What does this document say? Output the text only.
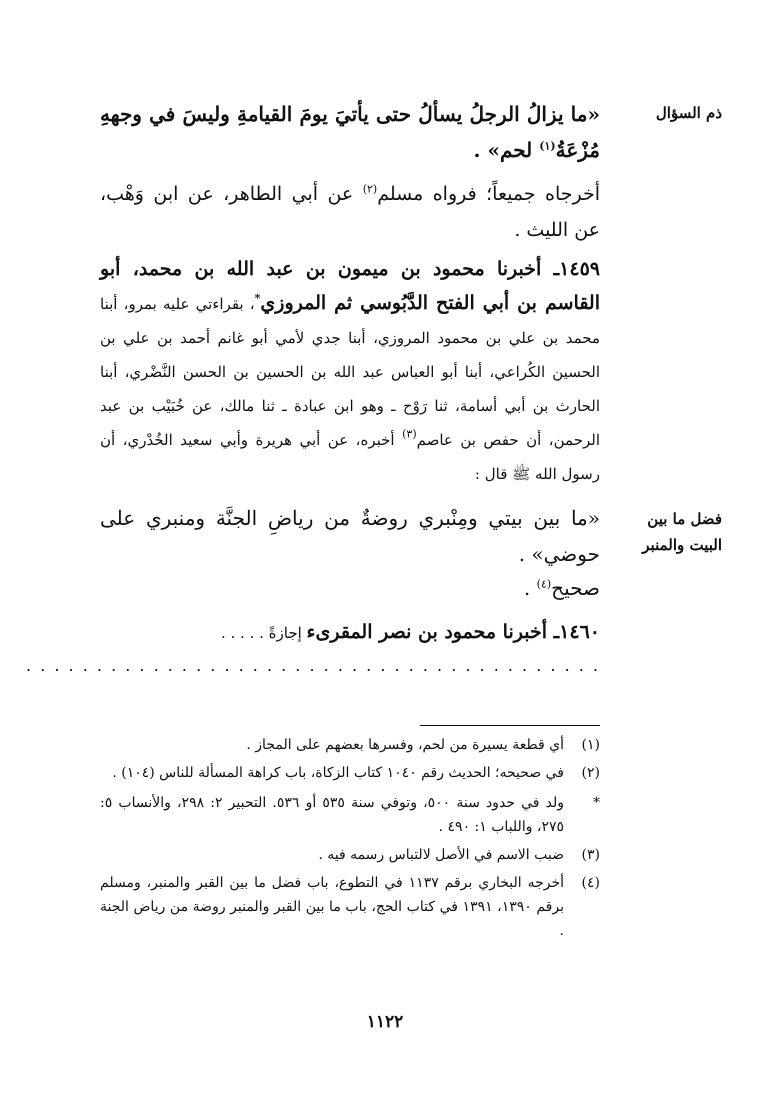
ذم السؤال
فضل ما بين البيت والمنبر

«ما يزالُ الرجلُ يسألُ حتى يأتيَ يومَ القيامةِ وليسَ في وجههِ مُزْعَةُ$^{(١)}$ لحم» .

أخرجاه جميعاً؛ فرواه مسلم$^{(٢)}$ عن أبي الطاهر، عن ابن وَهْب، عن الليث .

١٤٥٩ـ أخبرنا محمود بن ميمون بن عبد الله بن محمد، أبو القاسم بن أبي الفتح الدَّبُوسي ثم المروزي*، بقراءتي عليه بمرو، أبنا محمد بن علي بن محمود المروزي، أبنا جدي لأمي أبو غانم أحمد بن علي بن الحسين الكُراعي، أبنا أبو العباس عبد الله بن الحسين بن الحسن النَّضْري، أبنا الحارث بن أبي أسامة، ثنا رَوْح ـ وهو ابن عبادة ـ ثنا مالك، عن خُبَيْب بن عبد الرحمن، أن حفص بن عاصم$^{(٣)}$ أخبره، عن أبي هريرة وأبي سعيد الخُدْري، أن رسول الله ﷺ قال :

«ما بين بيتي ومِنْبري روضةٌ من رياضِ الجنَّة ومنبري على حوضي» .

صحيح$^{(٤)}$ .

١٤٦٠ـ أخبرنا محمود بن نصر المقرىء إجازةً . . . . .

. . . . . . . . . . . . . . . . . . . . . . . . . . . . . . . . . . . . . . . . .
(١)
أي قطعة يسيرة من لحم، وفسرها بعضهم على المجاز .
(٢)
في صحيحه؛ الحديث رقم ١٠٤٠ كتاب الزكاة، باب كراهة المسألة للناس (١٠٤) .
*
ولد في حدود سنة ٥٠٠، وتوفي سنة ٥٣٥ أو ٥٣٦. التحبير ٢: ٢٩٨، والأنساب ٥: ٢٧٥، واللباب ١: ٤٩٠ .
(٣)
ضبب الاسم في الأصل لالتباس رسمه فيه .
(٤)
أخرجه البخاري برقم ١١٣٧ في التطوع، باب فضل ما بين القبر والمنبر، ومسلم برقم ١٣٩٠، ١٣٩١ في كتاب الحج، باب ما بين القبر والمنبر روضة من رياض الجنة .
١١٢٢
